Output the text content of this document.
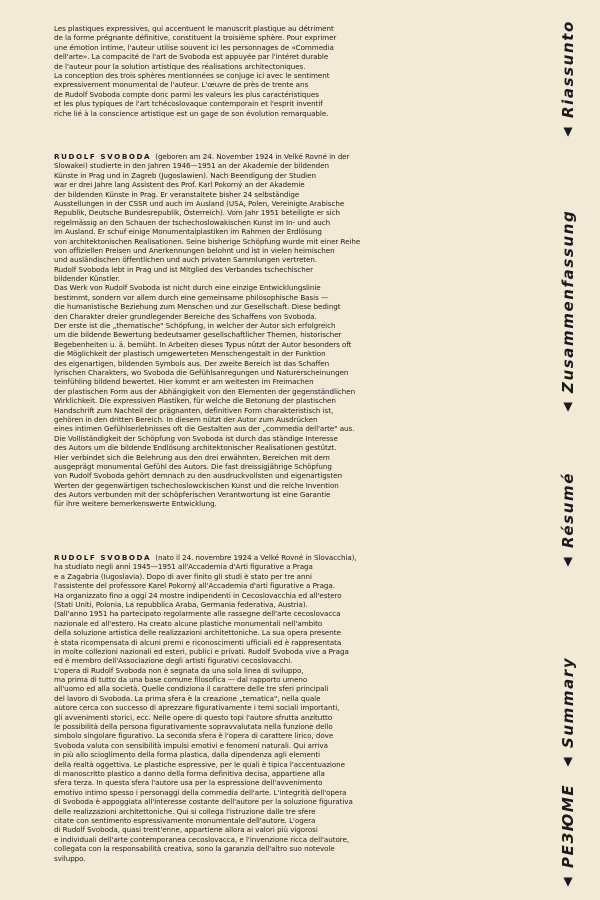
Les plastiques expressives, qui accentuent le manuscrit plastique au détriment
de la forme prégnante définitive, constituent la troisième sphère. Pour exprimer
une émotion intime, l'auteur utilise souvent ici les personnages de «Commedia
dell'arte». La compacité de l'art de Svoboda est appuyée par l'intéret durable
de l'auteur pour la solution artistique des réalisations architectoniques.
La conception des trois sphères mentionnées se conjuge ici avec le sentiment
expressivement monumental de l'auteur. L'œuvre de près de trente ans
de Rudolf Svoboda compte donc parmi les valeurs les plus caractéristiques
et les plus typiques de l'art tchécoslovaque contemporain et l'esprit inventif
riche lié à la conscience artistique est un gage de son évolution remarquable.
RUDOLF SVOBODA (geboren am 24. November 1924 in Velké Rovné in der
Slowakei) studierte in den Jahren 1946—1951 an der Akademie der bildenden
Künste in Prag und in Zagreb (Jugoslawien). Nach Beendigung der Studien
war er drei Jahre lang Assistent des Prof. Karl Pokorný an der Akademie
der bildenden Künste in Prag. Er veranstaltete bisher 24 selbständige
Ausstellungen in der CSSR und auch im Ausland (USA, Polen, Vereinigte Arabische
Republik, Deutsche Bundesrepublik, Österreich). Vom Jahr 1951 beteiligte er sich
regelmässig an den Schauen der tschechoslowakischen Kunst im In- und auch
im Ausland. Er schuf einige Monumentalplastiken im Rahmen der Erdlösung
von architektonischen Realisationen. Seine bisherige Schöpfung wurde mit einer Reihe
von offiziellen Preisen und Anerkennungen belohnt und ist in vielen heimischen
und ausländischen öffentlichen und auch privaten Sammlungen vertreten.
Rudolf Svoboda lebt in Prag und ist Mitglied des Verbandes tschechischer
bildender Künstler.
Das Werk von Rudolf Svoboda ist nicht durch eine einzige Entwicklungslinie
bestimmt, sondern vor allem durch eine gemeinsame philosophische Basis —
die humanistische Beziehung zum Menschen und zur Gesellschaft. Diese bedingt
den Charakter dreier grundlegender Bereiche des Schaffens von Svoboda.
Der erste ist die „thematische" Schöpfung, in welcher der Autor sich erfolgreich
um die bildende Bewertung bedeutsamer gesellschaftlicher Themen, historischer
Begebenheiten u. ä. bemüht. In Arbeiten dieses Typus nützt der Autor besonders oft
die Möglichkeit der plastisch umgewerteten Menschengestalt in der Funktion
des eigenartigen, bildenden Symbols aus. Der zweite Bereich ist das Schaffen
lyrischen Charakters, wo Svoboda die Gefühlsanregungen und Naturerscheinungen
teinfühling bildend bewertet. Hier kommt er am weitesten im Freimachen
der plastischen Form aus der Abhängigkeit von den Elementen der gegenständlichen
Wirklichkeit. Die expressiven Plastiken, für welche die Betonung der plastischen
Handschrift zum Nachteil der prägnanten, definitiven Form charakteristisch ist,
gehören in den dritten Bereich. In diesem nützt der Autor zum Ausdrücken
eines intimen Gefühlserlebnisses oft die Gestalten aus der „commedia dell'arte" aus.
Die Volliständigkeit der Schöpfung von Svoboda ist durch das ständige Interesse
des Autors um die bildende Endlösung architektonischer Realisationen gestützt.
Hier verbindet sich die Belehrung aus den drei erwähnten. Bereichen mit dem
ausgeprägt monumental Gefühl des Autors. Die fast dreissigjährige Schöpfung
von Rudolf Svoboda gehört demnach zu den ausdruckvollsten und eigenartigsten
Werten der gegenwärtigen tschechoslowckischen Kunst und die reiche Invention
des Autors verbunden mit der schöpferischen Verantwortung ist eine Garantie
für ihre weitere bemerkenswerte Entwicklung.
RUDOLF SVOBODA (nato il 24. novembre 1924 a Velké Rovné in Slovacchia),
ha studiato negli anni 1945—1951 all'Accademia d'Arti figurative a Praga
e a Zagabria (Iugoslavia). Dopo di aver finito gli studi è stato per tre anni
l'assistente del professore Karel Pokorný all'Accademia d'arti figurative a Praga.
Ha organizzato fino a oggi 24 mostre indipendenti in Cecoslovacchia ed all'estero
(Stati Uniti, Polonia, La repubblica Araba, Germania federativa, Austria).
Dall'anno 1951 ha partecipato regolarmente alle rassegne dell'arte cecoslovacca
nazionale ed all'estero. Ha creato alcune plastiche monumentali nell'ambito
della soluzione artistica delle realizzazioni architettoniche. La sua opera presente
è stata ricompensata di alcuni premi e riconoscimenti ufficiali ed è rappresentata
in molte collezioni nazionali ed esteri, publici e privati. Rudolf Svoboda vive a Praga
ed è membro dell'Associazione degli artisti figurativi cecoslovacchi.
L'opera di Rudolf Svoboda non è segnata da una sola linea di sviluppo,
ma prima di tutto da una base comune filosofica — dal rapporto umeno
all'uomo ed alla società. Quelle condiziona il carattere delle tre sferi principali
del lavoro di Svoboda. La prima sfera è la creazione „tematica", nella quale
autore cerca con successo di aprezzare figurativamente i temi sociali importanti,
gli avvenimenti storici, ecc. Nelle opere di questo topi l'autore sfrutta anzitutto
le possibilità della persona figurativamente sopravvalutata nella funzione dello
simbolo singolare figurativo. La seconda sfera è l'opera di carattere lirico, dove
Svoboda valuta con sensibilità impulsi emotivi e fenomeni naturali. Qui arriva
in più allo scioglimento della forma plastica, dalla dipendenza agli elementi
della realtà oggettiva. Le plastiche espressive, per le quali è tipica l'accentuazione
di manoscritto plastico a danno della forma definitiva decisa, appartiene alla
sfera terza. In questa sfera l'autore usa per la espressione dell'avvenimento
emotivo intimo spesso i personaggi della commedia dell'arte. L'integrità dell'opera
di Svoboda è appoggiata all'interesse costante dell'autore per la soluzione figurativa
delle realizzazioni architettoniche. Qui si collega l'istruzione dalle tre sfere
citate con sentimento espressivamente monumentale dell'autore. L'ogera
di Rudolf Svoboda, quasi trent'enne, appartiene allora ai valori più vigorosi
e individuali dell'arte contemporanea cecoslovacca, e l'invenzione ricca dell'autore,
collegata con la responsabilità creativa, sono la garanzia dell'altro suo notevole
sviluppo.
▲
Riassunto
▲
Zusammenfassung
▲
Résumé
▲
Summary
▲
РЕЗЮМЕ
